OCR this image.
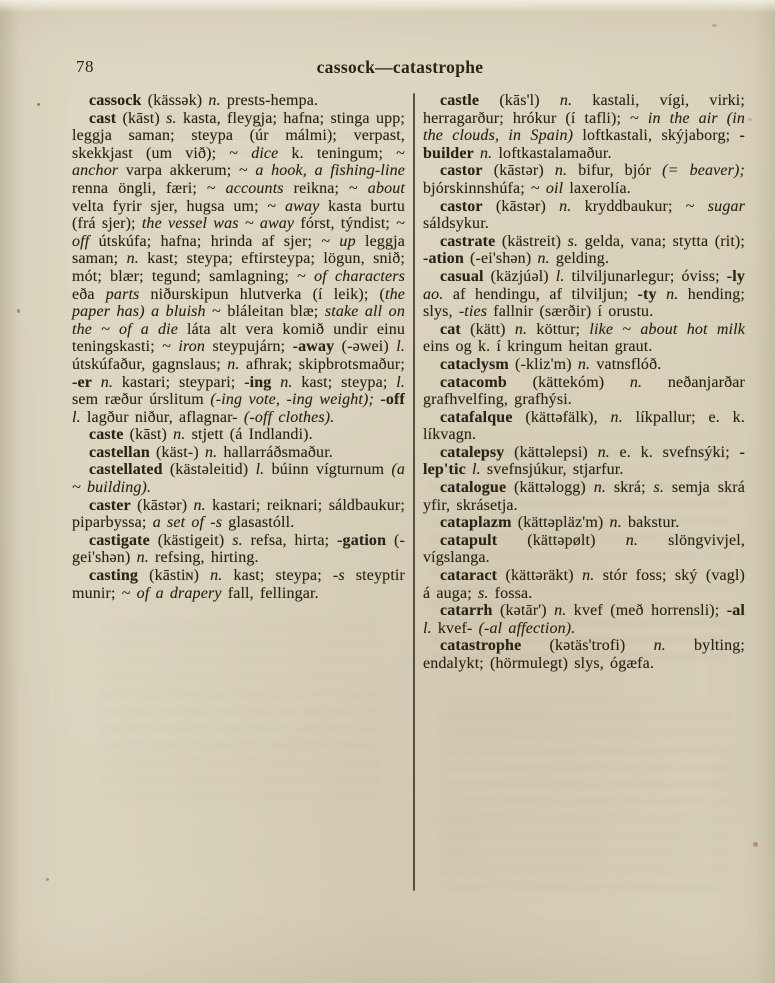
78	cassock—catastrophe

cassock (kässək) n. prests-hempa.

cast (kāst) s. kasta, fleygja; hafna; stinga upp; leggja saman; steypa (úr málmi); verpast, skekkjast (um við); ~ dice k. teningum; ~ anchor varpa akkerum; ~ a hook, a fishing-line renna öngli, færi; ~ accounts reikna; ~ about velta fyrir sjer, hugsa um; ~ away kasta burtu (frá sjer); the vessel was ~ away fórst, týndist; ~ off útskúfa; hafna; hrinda af sjer; ~ up leggja saman; n. kast; steypa; eftirsteypa; lögun, snið; mót; blær; tegund; samlagning; ~ of characters eða parts niðurskipun hlutverka (í leik); (the paper has) a bluish ~ bláleitan blæ; stake all on the ~ of a die láta alt vera komið undir einu teningskasti; ~ iron steypujárn; -away (-əwei) l. útskúfaður, gagnslaus; n. afhrak; skipbrotsmaður; -er n. kastari; steypari; -ing n. kast; steypa; l. sem ræður úrslitum (-ing vote, -ing weight); -off l. lagður niður, aflagnar- (-off clothes).

caste (kāst) n. stjett (á Indlandi).

castellan (käst-) n. hallarráðsmaður.

castellated (kästəleitid) l. búinn vígturnum (a ~ building).

caster (kāstər) n. kastari; reiknari; sáldbaukur; piparbyssa; a set of -s glasastóll.

castigate (kästigeit) s. refsa, hirta; -gation (-gei'shən) n. refsing, hirting.

casting (kāstiɴ) n. kast; steypa; -s steyptir munir; ~ of a drapery fall, fellingar.

castle (kās'l) n. kastali, vígi, virki; herragarður; hrókur (í tafli); ~ in the air (in the clouds, in Spain) loftkastali, skýjaborg; -builder n. loftkastalamaður.

castor (kāstər) n. bifur, bjór (= beaver); bjórskinnshúfa; ~ oil laxerolía.

castor (kāstər) n. kryddbaukur; ~ sugar sáldsykur.

castrate (kästreit) s. gelda, vana; stytta (rit); -ation (-ei'shən) n. gelding.

casual (käzjúəl) l. tilviljunarlegur; óviss; -ly ao. af hendingu, af tilviljun; -ty n. hending; slys, -ties fallnir (særðir) í orustu.

cat (kätt) n. köttur; like ~ about hot milk eins og k. í kringum heitan graut.

cataclysm (-kliz'm) n. vatnsflóð.

catacomb (kättekóm) n. neðanjarðar grafhvelfing, grafhýsi.

catafalque (kättəfälk), n. líkpallur; e. k. líkvagn.

catalepsy (kättəlepsi) n. e. k. svefnsýki; -lep'tic l. svefnsjúkur, stjarfur.

catalogue (kättəlogg) n. skrá; s. semja skrá yfir, skrásetja.

cataplazm (kättəpläz'm) n. bakstur.

catapult (kättəpølt) n. slöngvivjel, vígslanga.

cataract (kättəräkt) n. stór foss; ský (vagl) á auga; s. fossa.

catarrh (kətār') n. kvef (með horrensli); -al l. kvef- (-al affection).

catastrophe (kətäs'trofi) n. bylting; endalykt; (hörmulegt) slys, ógæfa.
